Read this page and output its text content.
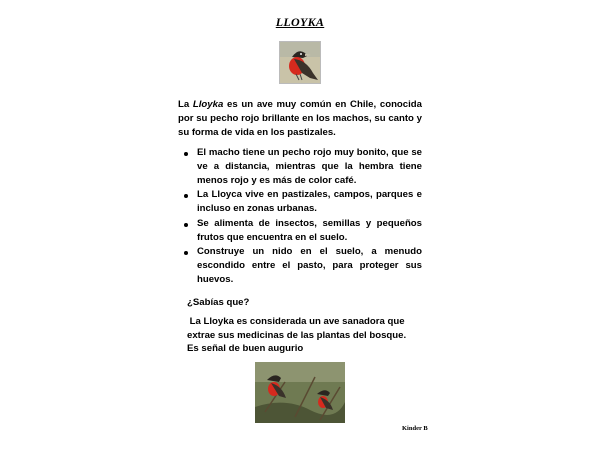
LLOYKA

La Lloyka es un ave muy común en Chile, conocida por su pecho rojo brillante en los machos, su canto y su forma de vida en los pastizales.

El macho tiene un pecho rojo muy bonito, que se ve a distancia, mientras que la hembra tiene menos rojo y es más de color café.
La Lloyca vive en pastizales, campos, parques e incluso en zonas urbanas.
Se alimenta de insectos, semillas y pequeños frutos que encuentra en el suelo.
Construye un nido en el suelo, a menudo escondido entre el pasto, para proteger sus huevos.
¿Sabías que?

La Lloyka es considerada un ave sanadora que extrae sus medicinas de las plantas del bosque.

Es señal de buen augurio

Kinder B
